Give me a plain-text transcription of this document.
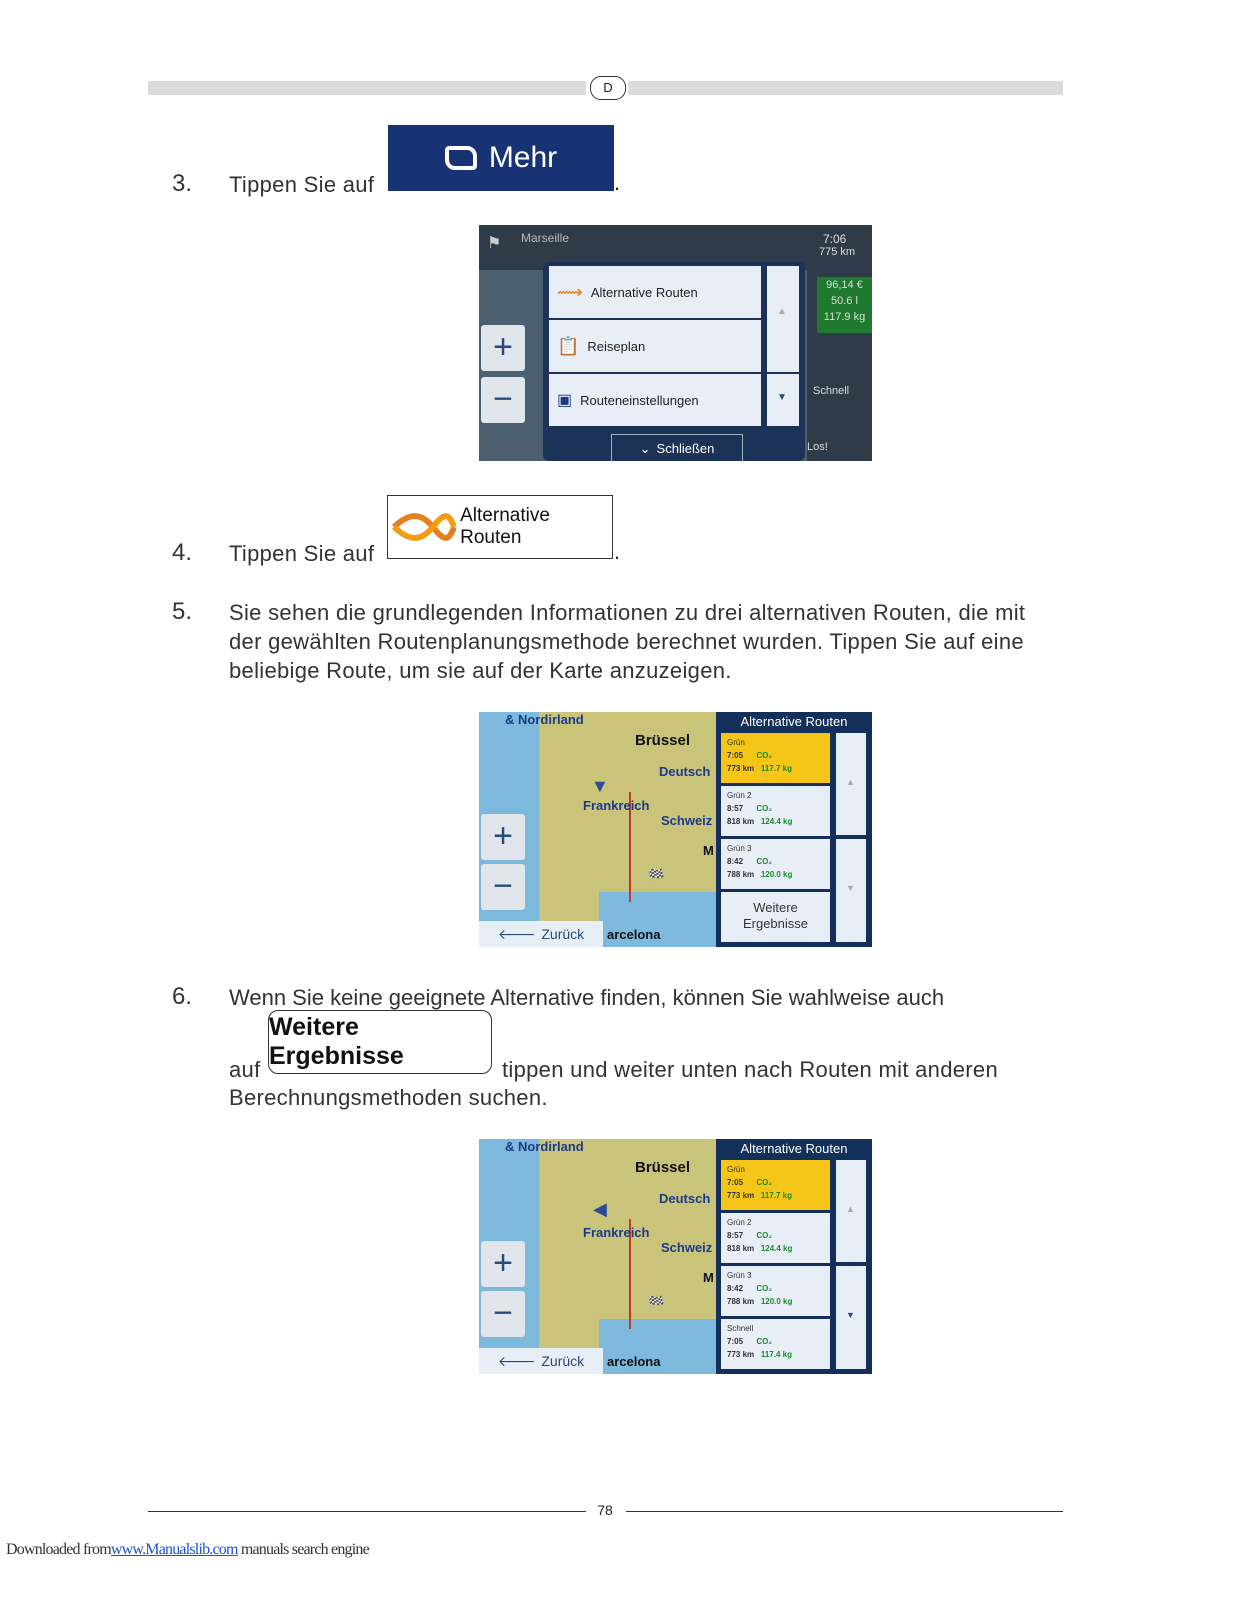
D
3. Tippen Sie auf
Mehr
.
⚑ Marseille	7:06
775 km
Schnell
Los!
96,14 €
50.6 l
117.9 kg
+
−
⟿ Alternative Routen
📋 Reiseplan
▣ Routeneinstellungen
▲
▼
⌄ Schließen
4. Tippen Sie auf
Alternative Routen
.
5. Sie sehen die grundlegenden Informationen zu drei alternativen Routen, die mit
der gewählten Routenplanungsmethode berechnet wurden. Tippen Sie auf eine
beliebige Route, um sie auf der Karte anzuzeigen.
& Nordirland
Brüssel
Deutsch
Frankreich
Schweiz
M
arcelona
▼
🏁
+
−
🡐 Zurück
Alternative Routen
Grün
7:05 CO₂
773 km 117.7 kg
Grün 2
8:57 CO₂
818 km 124.4 kg
Grün 3
8:42 CO₂
788 km 120.0 kg
Weitere
Ergebnisse
▲
▼
6. Wenn Sie keine geeignete Alternative finden, können Sie wahlweise auch
auf
Weitere Ergebnisse	tippen und weiter unten nach Routen mit anderen
Berechnungsmethoden suchen.
& Nordirland
Brüssel
Deutsch
Frankreich
Schweiz
M
arcelona
◀
🏁
+
−
🡐 Zurück
Alternative Routen
Grün
7:05 CO₂
773 km 117.7 kg
Grün 2
8:57 CO₂
818 km 124.4 kg
Grün 3
8:42 CO₂
788 km 120.0 kg
Schnell
7:05 CO₂
773 km 117.4 kg
▲
▼
78
Downloaded fromwww.Manualslib.com manuals search engine
